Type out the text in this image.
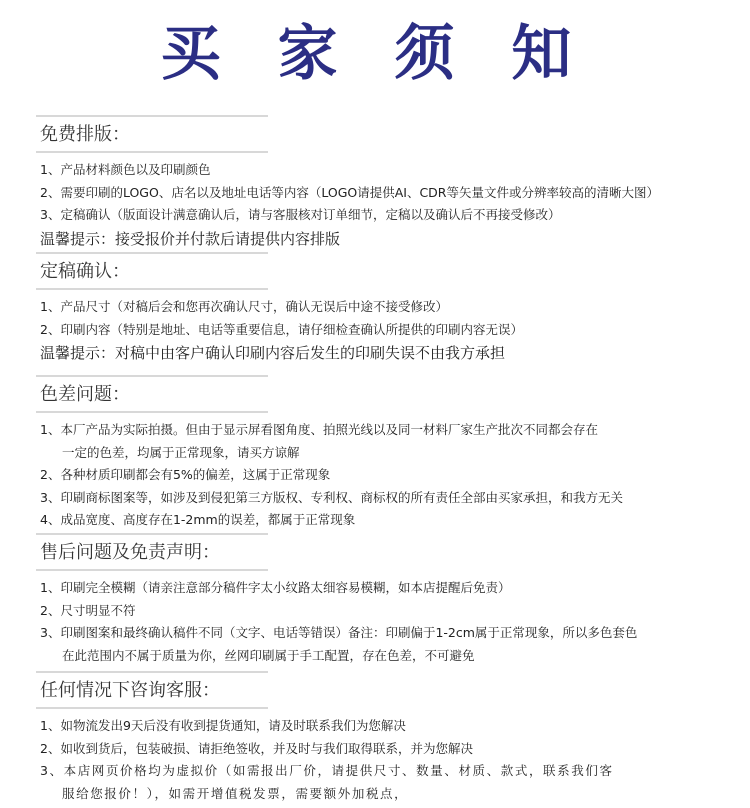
买 家 须 知
免费排版：
1、产品材料颜色以及印刷颜色
2、需要印刷的LOGO、店名以及地址电话等内容（LOGO请提供AI、CDR等矢量文件或分辨率较高的清晰大图）
3、定稿确认（版面设计满意确认后，请与客服核对订单细节，定稿以及确认后不再接受修改）
温馨提示：接受报价并付款后请提供内容排版
定稿确认：
1、产品尺寸（对稿后会和您再次确认尺寸，确认无误后中途不接受修改）
2、印刷内容（特别是地址、电话等重要信息，请仔细检查确认所提供的印刷内容无误）
温馨提示：对稿中由客户确认印刷内容后发生的印刷失误不由我方承担
色差问题：
1、本厂产品为实际拍摄。但由于显示屏看图角度、拍照光线以及同一材料厂家生产批次不同都会存在
一定的色差，均属于正常现象，请买方谅解
2、各种材质印刷都会有5%的偏差，这属于正常现象
3、印刷商标图案等，如涉及到侵犯第三方版权、专利权、商标权的所有责任全部由买家承担，和我方无关
4、成品宽度、高度存在1-2mm的误差，都属于正常现象
售后问题及免责声明：
1、印刷完全模糊（请亲注意部分稿件字太小纹路太细容易模糊，如本店提醒后免责）
2、尺寸明显不符
3、印刷图案和最终确认稿件不同（文字、电话等错误）备注：印刷偏于1-2cm属于正常现象，所以多色套色
在此范围内不属于质量为你，丝网印刷属于手工配置，存在色差，不可避免
任何情况下咨询客服：
1、如物流发出9天后没有收到提货通知，请及时联系我们为您解决
2、如收到货后，包装破损、请拒绝签收，并及时与我们取得联系，并为您解决
3、本店网页价格均为虚拟价（如需报出厂价，请提供尺寸、数量、材质、款式，联系我们客
服给您报价！），如需开增值税发票，需要额外加税点，
